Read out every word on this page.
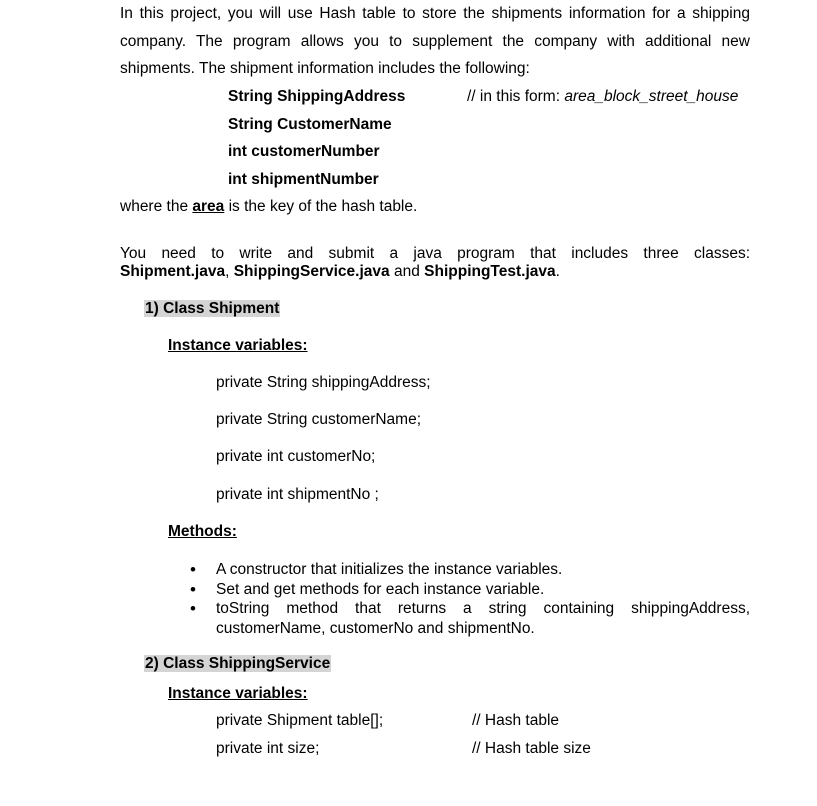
In this project, you will use Hash table to store the shipments information for a shipping
company. The program allows you to supplement the company with additional new
shipments. The shipment information includes the following:
String ShippingAddress	// in this form: area_block_street_house
String CustomerName
int customerNumber
int shipmentNumber
where the area is the key of the hash table.
You need to write and submit a java program that includes three classes:
Shipment.java, ShippingService.java and ShippingTest.java.
1) Class Shipment
Instance variables:
private String shippingAddress;
private String customerName;
private int customerNo;
private int shipmentNo ;
Methods:
• A constructor that initializes the instance variables.
• Set and get methods for each instance variable.
• toString method that returns a string containing shippingAddress,
customerName, customerNo and shipmentNo.
2) Class ShippingService
Instance variables:
private Shipment table[];	// Hash table
private int size;	// Hash table size
